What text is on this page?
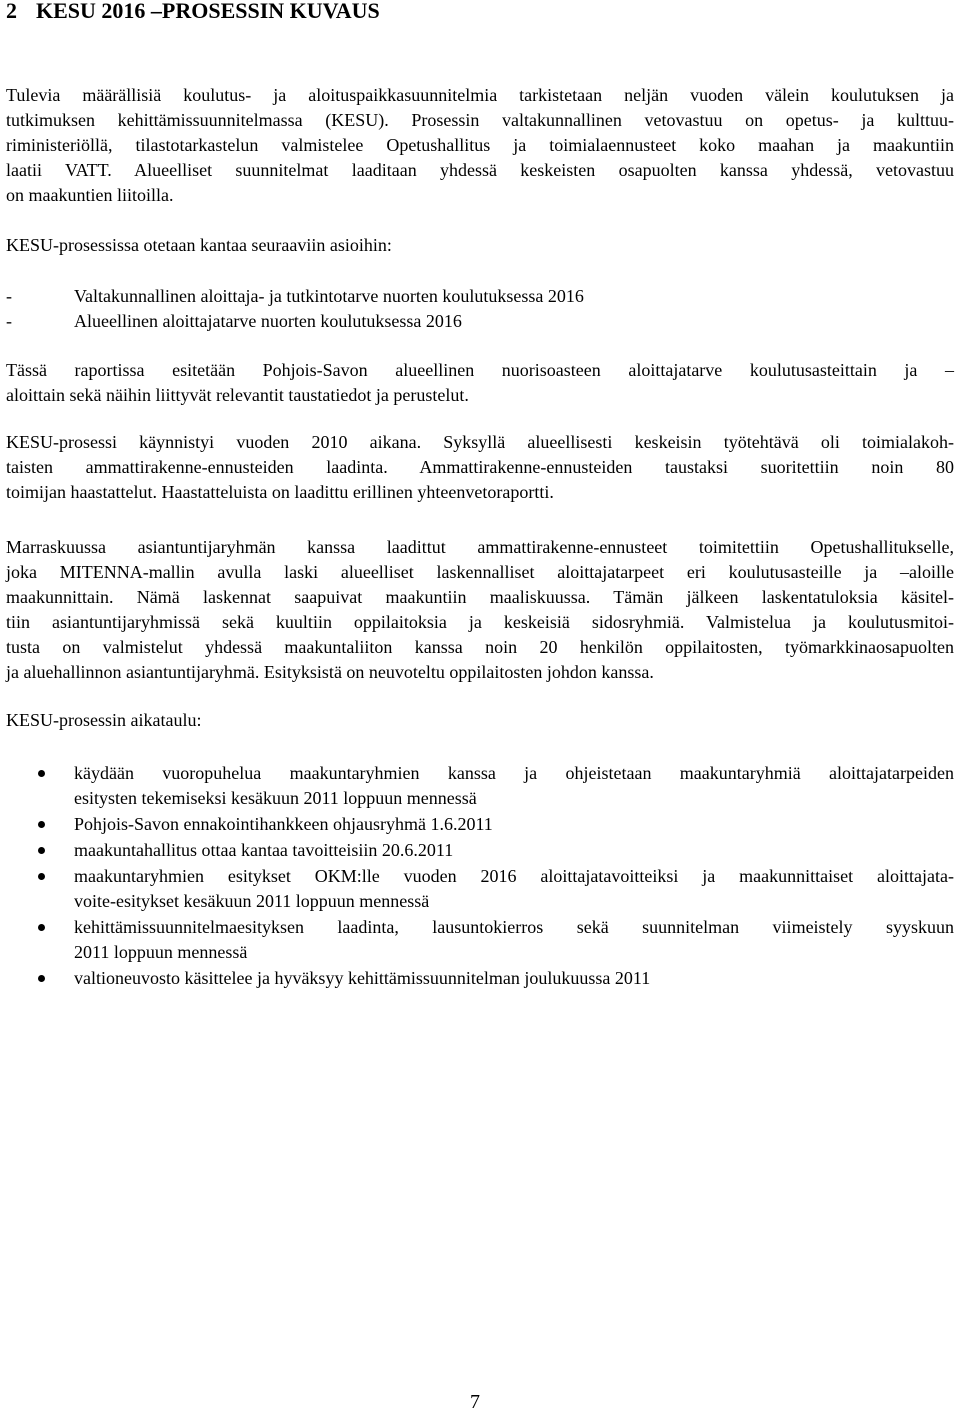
2 KESU 2016 –PROSESSIN KUVAUS
Tulevia määrällisiä koulutus- ja aloituspaikkasuunnitelmia tarkistetaan neljän vuoden välein koulutuksen ja
tutkimuksen kehittämissuunnitelmassa (KESU). Prosessin valtakunnallinen vetovastuu on opetus- ja kulttuu-
riministeriöllä, tilastotarkastelun valmistelee Opetushallitus ja toimialaennusteet koko maahan ja maakuntiin
laatii VATT. Alueelliset suunnitelmat laaditaan yhdessä keskeisten osapuolten kanssa yhdessä, vetovastuu
on maakuntien liitoilla.
KESU-prosessissa otetaan kantaa seuraaviin asioihin:
-	Valtakunnallinen aloittaja- ja tutkintotarve nuorten koulutuksessa 2016
-	Alueellinen aloittajatarve nuorten koulutuksessa 2016
Tässä raportissa esitetään Pohjois-Savon alueellinen nuorisoasteen aloittajatarve koulutusasteittain ja –
aloittain sekä näihin liittyvät relevantit taustatiedot ja perustelut.
KESU-prosessi käynnistyi vuoden 2010 aikana. Syksyllä alueellisesti keskeisin työtehtävä oli toimialakoh-
taisten ammattirakenne-ennusteiden laadinta. Ammattirakenne-ennusteiden taustaksi suoritettiin noin 80
toimijan haastattelut. Haastatteluista on laadittu erillinen yhteenvetoraportti.
Marraskuussa asiantuntijaryhmän kanssa laadittut ammattirakenne-ennusteet toimitettiin Opetushallitukselle,
joka MITENNA-mallin avulla laski alueelliset laskennalliset aloittajatarpeet eri koulutusasteille ja –aloille
maakunnittain. Nämä laskennat saapuivat maakuntiin maaliskuussa. Tämän jälkeen laskentatuloksia käsitel-
tiin asiantuntijaryhmissä sekä kuultiin oppilaitoksia ja keskeisiä sidosryhmiä. Valmistelua ja koulutusmitoi-
tusta on valmistelut yhdessä maakuntaliiton kanssa noin 20 henkilön oppilaitosten, työmarkkinaosapuolten
ja aluehallinnon asiantuntijaryhmä. Esityksistä on neuvoteltu oppilaitosten johdon kanssa.
KESU-prosessin aikataulu:
käydään vuoropuhelua maakuntaryhmien kanssa ja ohjeistetaan maakuntaryhmiä aloittajatarpeiden
esitysten tekemiseksi kesäkuun 2011 loppuun mennessä
Pohjois-Savon ennakointihankkeen ohjausryhmä 1.6.2011
maakuntahallitus ottaa kantaa tavoitteisiin 20.6.2011
maakuntaryhmien esitykset OKM:lle vuoden 2016 aloittajatavoitteiksi ja maakunnittaiset aloittajata-
voite-esitykset kesäkuun 2011 loppuun mennessä
kehittämissuunnitelmaesityksen laadinta, lausuntokierros sekä suunnitelman viimeistely syyskuun
2011 loppuun mennessä
valtioneuvosto käsittelee ja hyväksyy kehittämissuunnitelman joulukuussa 2011
7
